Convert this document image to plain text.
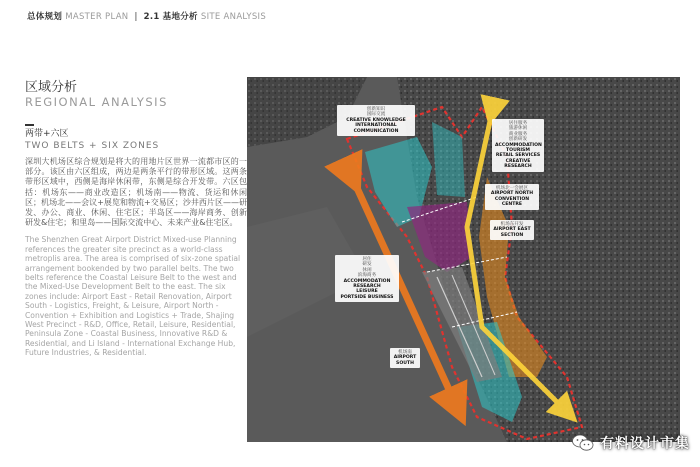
总体规划 MASTER PLAN | 2.1 基地分析 SITE ANALYSIS
区域分析
REGIONAL ANALYSIS
两带+六区
TWO BELTS + SIX ZONES
深圳大机场区综合规划是将大的用地片区世界一流都市区的一部分。该区由六区组成，两边是两条平行的带形区域。这两条带形区域中，西侧是海岸休闲带，东侧是综合开发带。六区包括：机场东——商业改造区；机场南——物流、货运和休闲区；机场北——会议+展览和物流+交易区；沙井西片区——研发、办公、商业、休闲、住宅区；半岛区——海岸商务、创新研发&住宅；和里岛——国际交流中心、未来产业&住宅区。
The Shenzhen Great Airport District Mixed-use Planning references the greater site precinct as a world-class metroplis area. The area is comprised of six-zone spatial arrangement bookended by two parallel belts. The two belts reference the Coastal Leisure Belt to the west and the Mixed-Use Development Belt to the east. The six zones include: Airport East - Retail Renovation, Airport South - Logistics, Freight, & Leisure, Airport North - Convention + Exhibition and Logistics + Trade, Shajing West Precinct - R&D, Office, Retail, Leisure, Residential, Peninsula Zone - Coastal Business, Innovative R&D & Residential, and Li Island - International Exchange Hub, Future Industries, & Residential.
创新知识
国际交流
CREATIVE KNOWLEDGE
INTERNATIONAL COMMUNICATION
居住服务
旅游休闲
商业服务
创新研发
ACCOMMODATION
TOURISM
RETAIL SERVICES
CREATIVE RESEARCH
机场北一会展区
AIRPORT NORTH
CONVENTION
CENTRE
机场东开发
AIRPORT EAST
SECTION
居住
研发
休闲
滨海商务
ACCOMMODATION
RESEARCH
LEISURE
PORTSIDE BUSINESS
机场南
AIRPORT
SOUTH
有料设计市集
